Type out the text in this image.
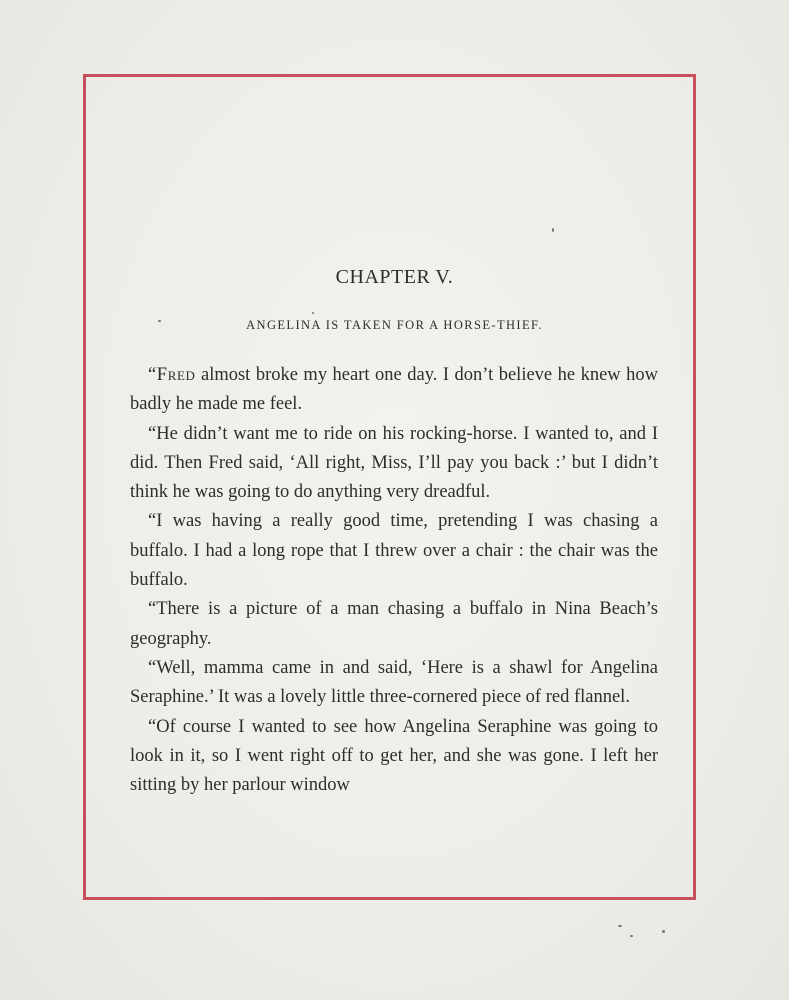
CHAPTER V.
ANGELINA IS TAKEN FOR A HORSE-THIEF.

“Fred almost broke my heart one day. I don’t believe he knew how badly he made me feel.

“He didn’t want me to ride on his rocking-horse. I wanted to, and I did. Then Fred said, ‘All right, Miss, I’ll pay you back :’ but I didn’t think he was going to do anything very dreadful.

“I was having a really good time, pretending I was chasing a buffalo. I had a long rope that I threw over a chair : the chair was the buffalo.

“There is a picture of a man chasing a buffalo in Nina Beach’s geography.

“Well, mamma came in and said, ‘Here is a shawl for Angelina Seraphine.’ It was a lovely little three-cornered piece of red flannel.

“Of course I wanted to see how Angelina Seraphine was going to look in it, so I went right off to get her, and she was gone. I left her sitting by her parlour window
